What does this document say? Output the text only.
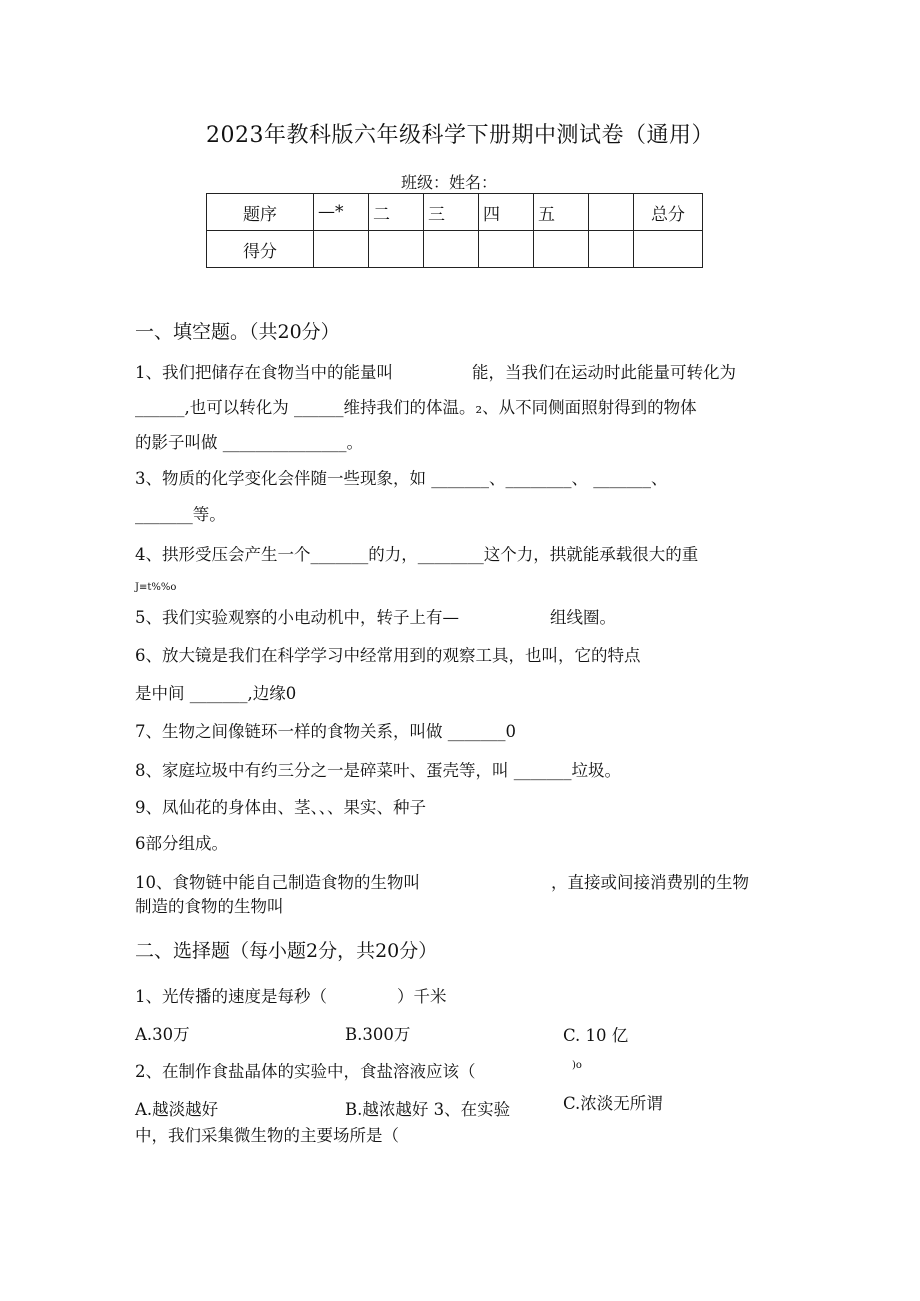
2023年教科版六年级科学下册期中测试卷（通用）
班级：姓名：
题序	—*	二	三	四	五		总分
得分							
一、填空题。（共20分）
1、我们把储存在食物当中的能量叫	能，当我们在运动时此能量可转化为
______,也可以转化为 ______维持我们的体温。₂、从不同侧面照射得到的物体
的影子叫做 _______________。
3、物质的化学变化会伴随一些现象，如 _______、________、 _______、
_______等。
4、拱形受压会产生一个_______的力，________这个力，拱就能承载很大的重
J≡t%%o
5、我们实验观察的小电动机中，转子上有—	组线圈。
6、放大镜是我们在科学学习中经常用到的观察工具，也叫，它的特点
是中间 _______,边缘0
7、生物之间像链环一样的食物关系，叫做 _______0
8、家庭垃圾中有约三分之一是碎菜叶、蛋壳等，叫 _______垃圾。
9、凤仙花的身体由、茎、、、果实、种子
6部分组成。
10、食物链中能自己制造食物的生物叫	，直接或间接消费别的生物
制造的食物的生物叫
二、选择题（每小题2分，共20分）
1、光传播的速度是每秒（	）千米
A.30万	B.300万	C. 10 亿
2、在制作食盐晶体的实验中，食盐溶液应该（	)o
A.越淡越好	B.越浓越好 3、在实验	C.浓淡无所谓
中，我们采集微生物的主要场所是（
